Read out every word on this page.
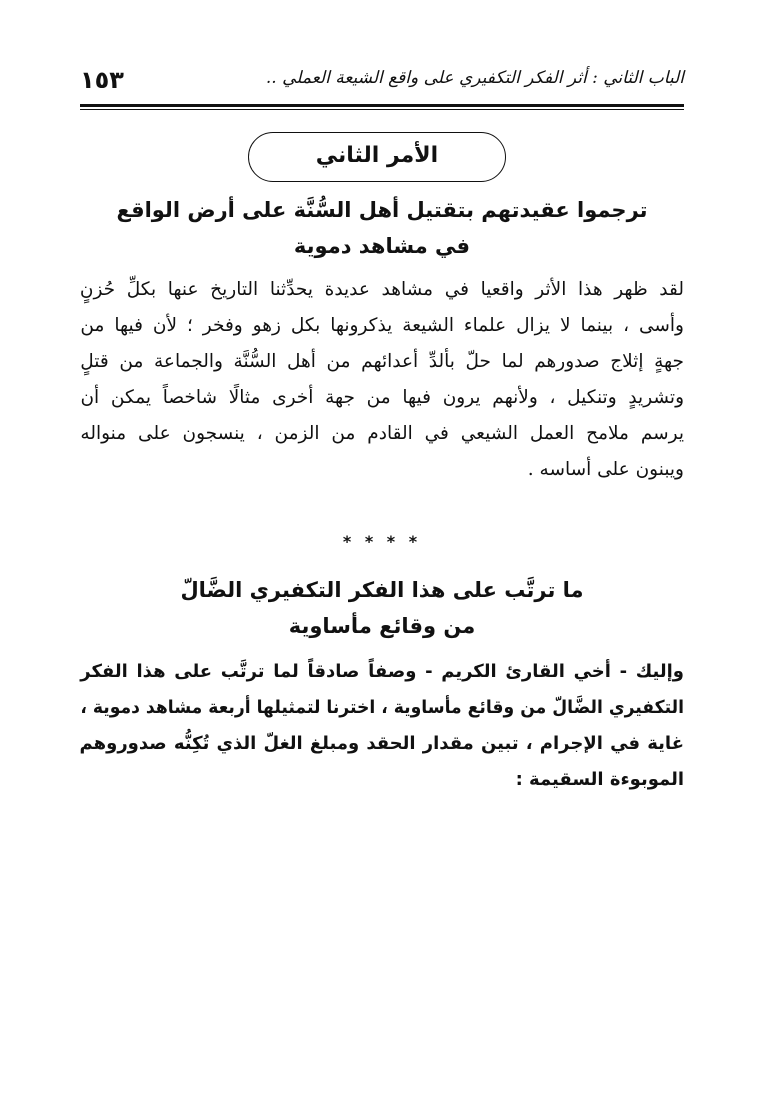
الباب الثاني : أثر الفكر التكفيري على واقع الشيعة العملي ..
١٥٣
الأمر الثاني
ترجموا عقيدتهم بتقتيل أهل السُّنَّة على أرض الواقع
في مشاهد دموية
لقد ظهر هذا الأثر واقعيا في مشاهد عديدة يحدِّثنا التاريخ عنها بكلِّ حُزنٍ
وأسى ، بينما لا يزال علماء الشيعة يذكرونها بكل زهو وفخر ؛ لأن فيها من
جهةٍ إثلاج صدورهم لما حلّ بألدِّ أعدائهم من أهل السُّنَّة والجماعة من قتلٍ
وتشريدٍ وتنكيل ، ولأنهم يرون فيها من جهة أخرى مثالًا شاخصاً يمكن أن
يرسم ملامح العمل الشيعي في القادم من الزمن ، ينسجون على منواله
ويبنون على أساسه .
* * * *
ما ترتَّب على هذا الفكر التكفيري الضَّالّ
من وقائع مأساوية
وإليك - أخي القارئ الكريم - وصفاً صادقاً لما ترتَّب على هذا الفكر
التكفيري الضَّالّ من وقائع مأساوية ، اخترنا لتمثيلها أربعة مشاهد دموية ،
غاية في الإجرام ، تبين مقدار الحقد ومبلغ الغلّ الذي تُكِنُّه صدوروهم
الموبوءة السقيمة :
